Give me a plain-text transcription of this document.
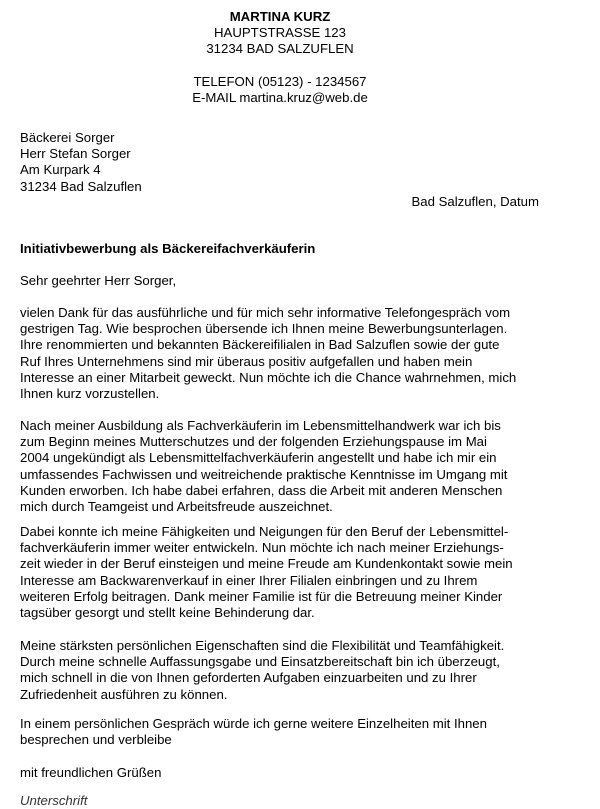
MARTINA KURZ
HAUPTSTRASSE 123
31234 BAD SALZUFLEN
TELEFON (05123) - 1234567
E-MAIL martina.kruz@web.de
Bäckerei Sorger
Herr Stefan Sorger
Am Kurpark 4
31234 Bad Salzuflen
Bad Salzuflen, Datum
Initiativbewerbung als Bäckereifachverkäuferin
Sehr geehrter Herr Sorger,
vielen Dank für das ausführliche und für mich sehr informative Telefongespräch vom
gestrigen Tag. Wie besprochen übersende ich Ihnen meine Bewerbungsunterlagen.
Ihre renommierten und bekannten Bäckereifilialen in Bad Salzuflen sowie der gute
Ruf Ihres Unternehmens sind mir überaus positiv aufgefallen und haben mein
Interesse an einer Mitarbeit geweckt. Nun möchte ich die Chance wahrnehmen, mich
Ihnen kurz vorzustellen.
Nach meiner Ausbildung als Fachverkäuferin im Lebensmittelhandwerk war ich bis
zum Beginn meines Mutterschutzes und der folgenden Erziehungspause im Mai
2004 ungekündigt als Lebensmittelfachverkäuferin angestellt und habe ich mir ein
umfassendes Fachwissen und weitreichende praktische Kenntnisse im Umgang mit
Kunden erworben. Ich habe dabei erfahren, dass die Arbeit mit anderen Menschen
mich durch Teamgeist und Arbeitsfreude auszeichnet.
Dabei konnte ich meine Fähigkeiten und Neigungen für den Beruf der Lebensmittel-
fachverkäuferin immer weiter entwickeln. Nun möchte ich nach meiner Erziehungs-
zeit wieder in der Beruf einsteigen und meine Freude am Kundenkontakt sowie mein
Interesse am Backwarenverkauf in einer Ihrer Filialen einbringen und zu Ihrem
weiteren Erfolg beitragen. Dank meiner Familie ist für die Betreuung meiner Kinder
tagsüber gesorgt und stellt keine Behinderung dar.
Meine stärksten persönlichen Eigenschaften sind die Flexibilität und Teamfähigkeit.
Durch meine schnelle Auffassungsgabe und Einsatzbereitschaft bin ich überzeugt,
mich schnell in die von Ihnen geforderten Aufgaben einzuarbeiten und zu Ihrer
Zufriedenheit ausführen zu können.
In einem persönlichen Gespräch würde ich gerne weitere Einzelheiten mit Ihnen
besprechen und verbleibe
mit freundlichen Grüßen
Unterschrift
